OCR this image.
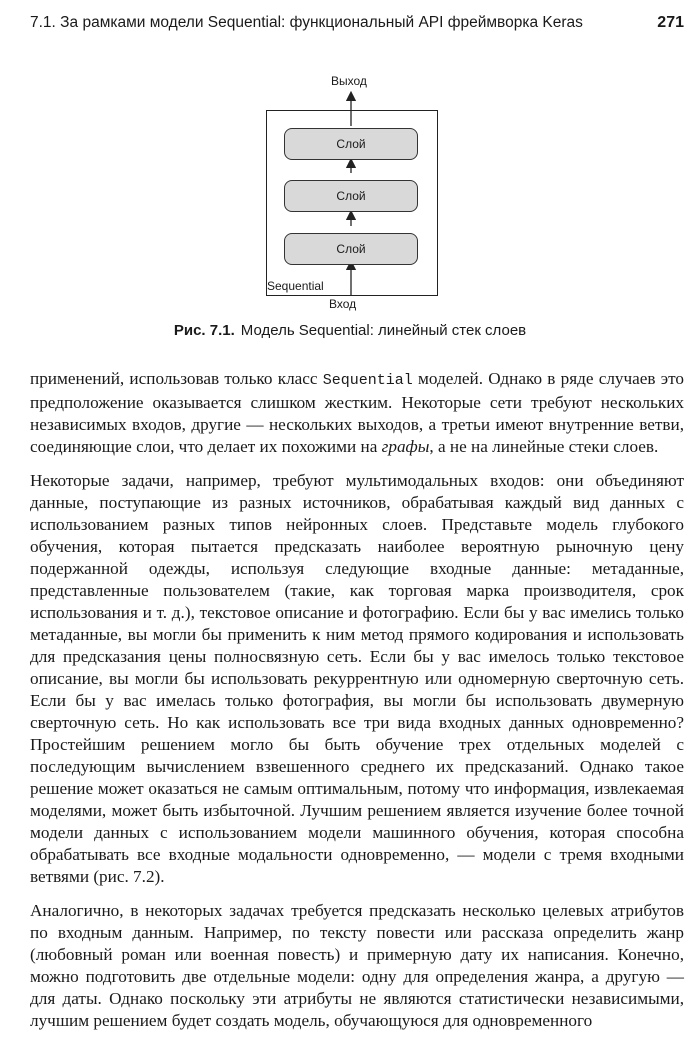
7.1. За рамками модели Sequential: функциональный API фреймворка Keras	271
Выход
Слой
Слой
Слой
Sequential
Вход
Рис. 7.1. Модель Sequential: линейный стек слоев

применений, использовав только класс Sequential моделей. Однако в ряде случаев это предположение оказывается слишком жестким. Некоторые сети требуют нескольких независимых входов, другие — нескольких выходов, а третьи имеют внутренние ветви, соединяющие слои, что делает их похожими на графы, а не на линейные стеки слоев.

Некоторые задачи, например, требуют мультимодальных входов: они объединяют данные, поступающие из разных источников, обрабатывая каждый вид данных с использованием разных типов нейронных слоев. Представьте модель глубокого обучения, которая пытается предсказать наиболее вероятную рыночную цену подержанной одежды, используя следующие входные данные: метаданные, представленные пользователем (такие, как торговая марка производителя, срок использования и т. д.), текстовое описание и фотографию. Если бы у вас имелись только метаданные, вы могли бы применить к ним метод прямого кодирования и использовать для предсказания цены полносвязную сеть. Если бы у вас имелось только текстовое описание, вы могли бы использовать рекуррентную или одномерную сверточную сеть. Если бы у вас имелась только фотография, вы могли бы использовать двумерную сверточную сеть. Но как использовать все три вида входных данных одновременно? Простейшим решением могло бы быть обучение трех отдельных моделей с последующим вычислением взвешенного среднего их предсказаний. Однако такое решение может оказаться не самым оптимальным, потому что информация, извлекаемая моделями, может быть избыточной. Лучшим решением является изучение более точной модели данных с использованием модели машинного обучения, которая способна обрабатывать все входные модальности одновременно, — модели с тремя входными ветвями (рис. 7.2).

Аналогично, в некоторых задачах требуется предсказать несколько целевых атрибутов по входным данным. Например, по тексту повести или рассказа определить жанр (любовный роман или военная повесть) и примерную дату их написания. Конечно, можно подготовить две отдельные модели: одну для определения жанра, а другую — для даты. Однако поскольку эти атрибуты не являются статистически независимыми, лучшим решением будет создать модель, обучающуюся для одновременного
